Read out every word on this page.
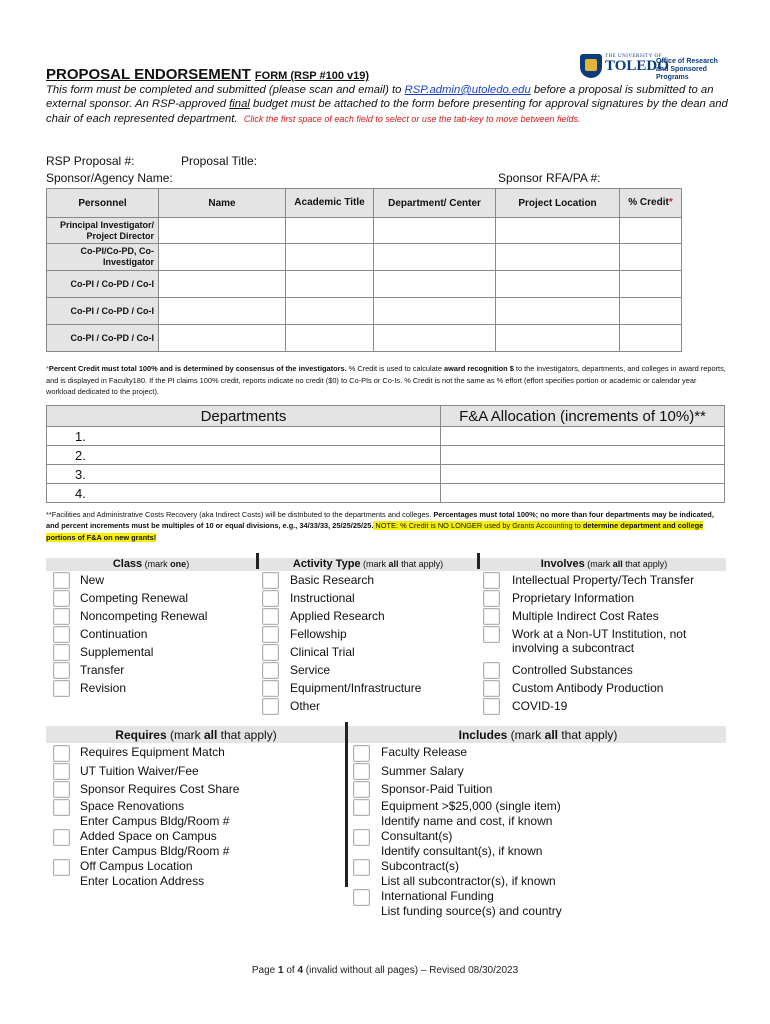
THE UNIVERSITY OF
TOLEDO
Office of Research
and Sponsored Programs
PROPOSAL ENDORSEMENT FORM (RSP #100 v19)
This form must be completed and submitted (please scan and email) to RSP.admin@utoledo.edu before a proposal is submitted to an external sponsor. An RSP-approved final budget must be attached to the form before presenting for approval signatures by the dean and chair of each represented department. Click the first space of each field to select or use the tab-key to move between fields.
RSP Proposal #:	Proposal Title:
Sponsor/Agency Name:	Sponsor RFA/PA #:
Personnel	Name	Academic Title	Department/ Center	Project Location	% Credit*
Principal Investigator/ Project Director					
Co-PI/Co-PD, Co-Investigator					
Co-PI / Co-PD / Co-I					
Co-PI / Co-PD / Co-I					
Co-PI / Co-PD / Co-I					
*Percent Credit must total 100% and is determined by consensus of the investigators. % Credit is used to calculate award recognition $ to the investigators, departments, and colleges in award reports, and is displayed in Faculty180. If the PI claims 100% credit, reports indicate no credit ($0) to Co-PIs or Co-Is. % Credit is not the same as % effort (effort specifies portion or academic or calendar year workload dedicated to the project).
Departments	F&A Allocation (increments of 10%)**
1.	
2.	
3.	
4.	
**Facilities and Administrative Costs Recovery (aka Indirect Costs) will be distributed to the departments and colleges. Percentages must total 100%; no more than four departments may be indicated, and percent increments must be multiples of 10 or equal divisions, e.g., 34/33/33, 25/25/25/25. NOTE: % Credit is NO LONGER used by Grants Accounting to determine department and college portions of F&A on new grants!
Class (mark one)	Activity Type (mark all that apply)	Involves (mark all that apply)
New
Competing Renewal
Noncompeting Renewal
Continuation
Supplemental
Transfer
Revision
Basic Research
Instructional
Applied Research
Fellowship
Clinical Trial
Service
Equipment/Infrastructure
Other
Intellectual Property/Tech Transfer
Proprietary Information
Multiple Indirect Cost Rates
Work at a Non-UT Institution, not
involving a subcontract
Controlled Substances
Custom Antibody Production
COVID-19
Requires (mark all that apply)	Includes (mark all that apply)
Requires Equipment Match
UT Tuition Waiver/Fee
Sponsor Requires Cost Share
Space Renovations
Enter Campus Bldg/Room #
Added Space on Campus
Enter Campus Bldg/Room #
Off Campus Location
Enter Location Address
Faculty Release
Summer Salary
Sponsor-Paid Tuition
Equipment >$25,000 (single item)
Identify name and cost, if known
Consultant(s)
Identify consultant(s), if known
Subcontract(s)
List all subcontractor(s), if known
International Funding
List funding source(s) and country
Page 1 of 4 (invalid without all pages) – Revised 08/30/2023
